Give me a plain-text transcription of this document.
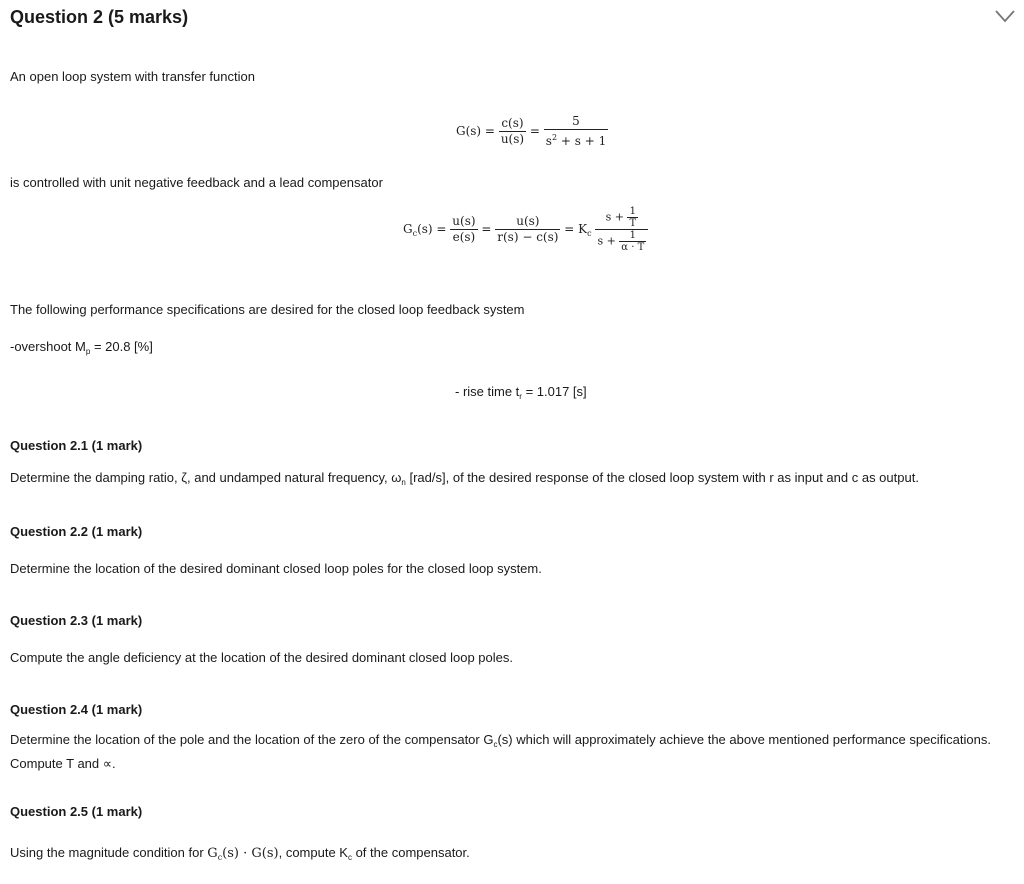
Question 2 (5 marks)
An open loop system with transfer function
$G(s) = \frac{c(s)}{u(s)} = \frac{5}{s^2 + s + 1}$
is controlled with unit negative feedback and a lead compensator
$G_c(s) = \frac{u(s)}{e(s)} = \frac{u(s)}{r(s) - c(s)} = K_c \frac{s + \frac{1}{T}}{s + \frac{1}{\alpha \cdot T}}$
The following performance specifications are desired for the closed loop feedback system
-overshoot $M_p = 20.8$ [%]
- rise time $t_r = 1.017$ [s]
Question 2.1 (1 mark)
Determine the damping ratio, ζ, and undamped natural frequency, $\omega_n$ [rad/s], of the desired response of the closed loop system with r as input and c as output.
Question 2.2 (1 mark)
Determine the location of the desired dominant closed loop poles for the closed loop system.
Question 2.3 (1 mark)
Compute the angle deficiency at the location of the desired dominant closed loop poles.
Question 2.4 (1 mark)
Determine the location of the pole and the location of the zero of the compensator $G_c(s)$ which will approximately achieve the above mentioned performance specifications. Compute T and ∝.
Question 2.5 (1 mark)
Using the magnitude condition for $G_c(s) \cdot G(s)$, compute $K_c$ of the compensator.
